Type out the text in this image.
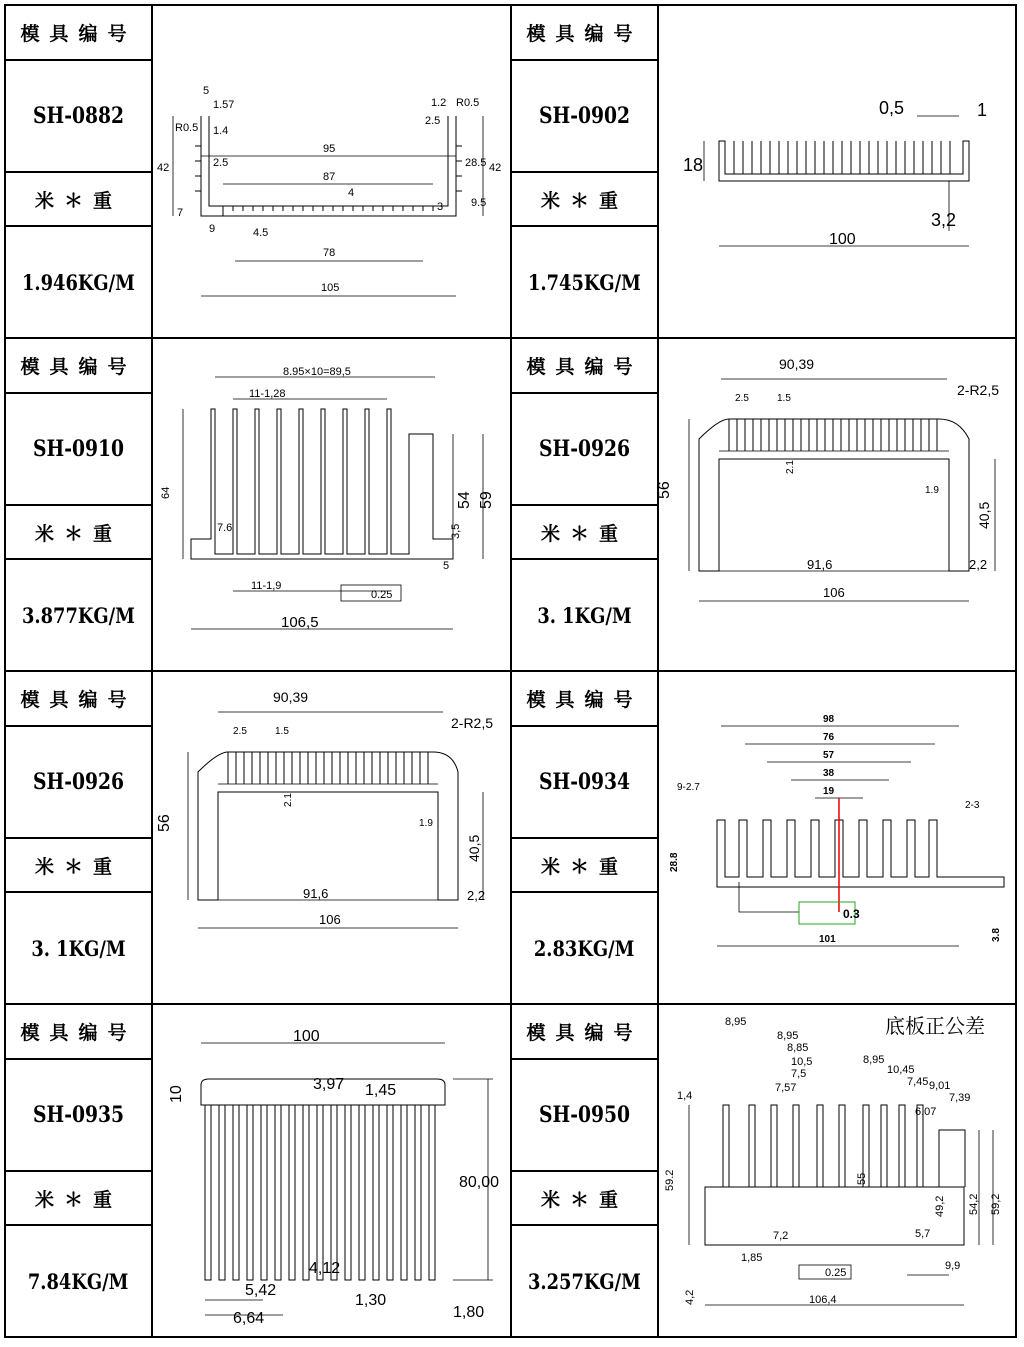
模具编号
SH-0882
米＊重
1.946KG/M
5
1.57
R0.5 1.4
2.5
95
87
4
42
7
9	4.5
78
105
1.2 R0.5
2.5
28.5 42
9.5
3
模具编号
SH-0902
米＊重
1.745KG/M
0,5	1
18
3,2
100
模具编号
SH-0910
米＊重
3.877KG/M
8.95×10=89,5
11-1,28
64	54 59
7.6	3,5
5
11-1,9
0.25
106,5
模具编号
SH-0926
米＊重
3. 1KG/M
90,39
2-R2,5
2.5	1.5
56
2.1
1.9
40,5
91,6	2,2
106
模具编号
SH-0926
米＊重
3. 1KG/M
90,39
2-R2,5
2.5	1.5
56
2.1
1.9
40,5
91,6	2,2
106
模具编号
SH-0934
米＊重
2.83KG/M
98
76
57
38
19
9-2.7
2-3
28.8
0.3
101	3.8
模具编号
SH-0935
米＊重
7.84KG/M
100
10
3,97 1,45
80,00
4,12
5,42
6,64
1,30
1,80
模具编号
SH-0950
米＊重
3.257KG/M
底板正公差
8,95
8,95
8,85
10,5
7,5
7,57
8,95
10,45
7,45 9,01
7,39
6,07
1,4
59.2	55
49,2 54,2 59,2
7,2	5,7
1,85
9,9
0.25
4,2	106,4
